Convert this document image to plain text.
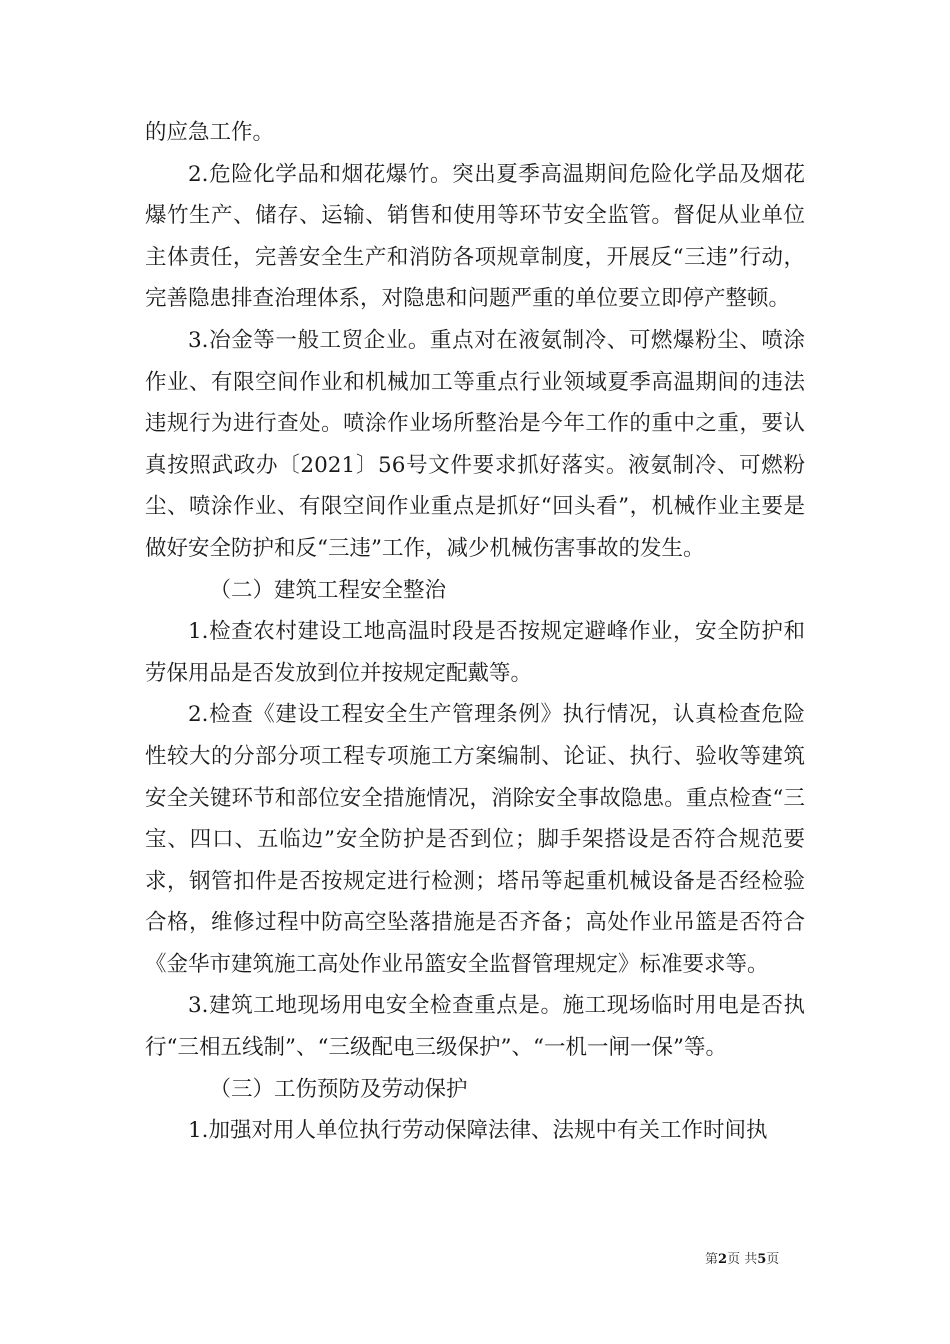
的应急工作。

2.危险化学品和烟花爆竹。突出夏季高温期间危险化学品及烟花爆竹生产、储存、运输、销售和使用等环节安全监管。督促从业单位主体责任，完善安全生产和消防各项规章制度，开展反“三违”行动，完善隐患排查治理体系，对隐患和问题严重的单位要立即停产整顿。

3.冶金等一般工贸企业。重点对在液氨制冷、可燃爆粉尘、喷涂作业、有限空间作业和机械加工等重点行业领域夏季高温期间的违法违规行为进行查处。喷涂作业场所整治是今年工作的重中之重，要认真按照武政办〔2021〕56号文件要求抓好落实。液氨制冷、可燃粉尘、喷涂作业、有限空间作业重点是抓好“回头看”，机械作业主要是做好安全防护和反“三违”工作，减少机械伤害事故的发生。

（二）建筑工程安全整治

1.检查农村建设工地高温时段是否按规定避峰作业，安全防护和劳保用品是否发放到位并按规定配戴等。

2.检查《建设工程安全生产管理条例》执行情况，认真检查危险性较大的分部分项工程专项施工方案编制、论证、执行、验收等建筑安全关键环节和部位安全措施情况，消除安全事故隐患。重点检查“三宝、四口、五临边”安全防护是否到位；脚手架搭设是否符合规范要求，钢管扣件是否按规定进行检测；塔吊等起重机械设备是否经检验合格，维修过程中防高空坠落措施是否齐备；高处作业吊篮是否符合《金华市建筑施工高处作业吊篮安全监督管理规定》标准要求等。

3.建筑工地现场用电安全检查重点是。施工现场临时用电是否执行“三相五线制”、“三级配电三级保护”、“一机一闸一保”等。

（三）工伤预防及劳动保护

1.加强对用人单位执行劳动保障法律、法规中有关工作时间执

第2页 共5页
